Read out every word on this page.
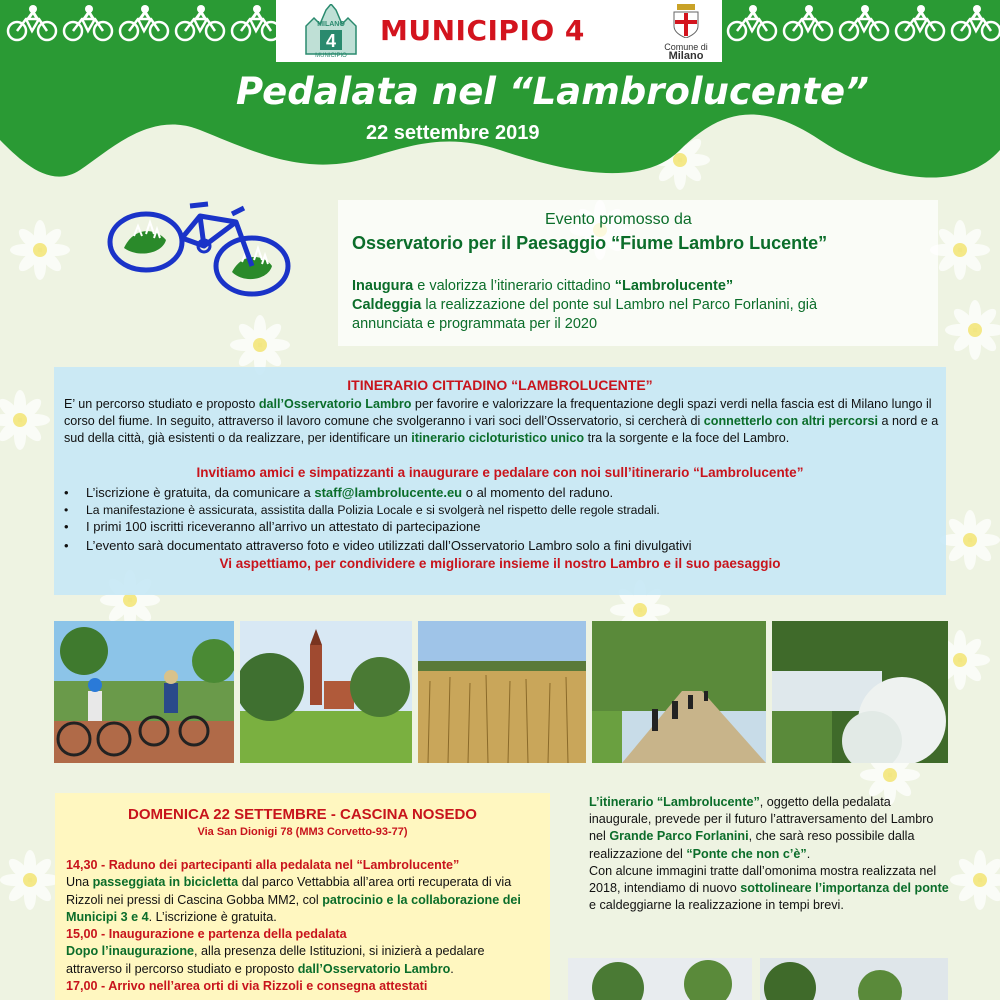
MILANO
4
MUNICIPIO
MUNICIPIO 4	Comune di
Milano
Pedalata nel “Lambrolucente”
22 settembre 2019
Evento promosso da
Osservatorio per il Paesaggio “Fiume Lambro Lucente”
Inaugura e valorizza l’itinerario cittadino “Lambrolucente”
Caldeggia la realizzazione del ponte sul Lambro nel Parco Forlanini, già
annunciata e programmata per il 2020
ITINERARIO CITTADINO “LAMBROLUCENTE”
E’ un percorso studiato e proposto dall’Osservatorio Lambro per favorire e valorizzare la frequentazione degli spazi verdi nella fascia est di Milano lungo il corso del fiume. In seguito, attraverso il lavoro comune che svolgeranno i vari soci dell’Osservatorio, si cercherà di connetterlo con altri percorsi a nord e a sud della città, già esistenti o da realizzare, per identificare un itinerario cicloturistico unico tra la sorgente e la foce del Lambro.
Invitiamo amici e simpatizzanti a inaugurare e pedalare con noi sull’itinerario “Lambrolucente”
• L’iscrizione è gratuita, da comunicare a staff@lambrolucente.eu o al momento del raduno.
• La manifestazione è assicurata, assistita dalla Polizia Locale e si svolgerà nel rispetto delle regole stradali.
• I primi 100 iscritti riceveranno all’arrivo un attestato di partecipazione
• L’evento sarà documentato attraverso foto e video utilizzati dall’Osservatorio Lambro solo a fini divulgativi
Vi aspettiamo, per condividere e migliorare insieme il nostro Lambro e il suo paesaggio
DOMENICA 22 SETTEMBRE - CASCINA NOSEDO
Via San Dionigi 78 (MM3 Corvetto-93-77)
14,30 - Raduno dei partecipanti alla pedalata nel “Lambrolucente”
Una passeggiata in bicicletta dal parco Vettabbia all’area orti recuperata di via Rizzoli nei pressi di Cascina Gobba MM2, col patrocinio e la collaborazione dei Municipi 3 e 4. L’iscrizione è gratuita.
15,00 - Inaugurazione e partenza della pedalata
Dopo l’inaugurazione, alla presenza delle Istituzioni, si inizierà a pedalare attraverso il percorso studiato e proposto dall’Osservatorio Lambro.
17,00 - Arrivo nell’area orti di via Rizzoli e consegna attestati
L’itinerario “Lambrolucente”, oggetto della pedalata inaugurale, prevede per il futuro l’attraversamento del Lambro nel Grande Parco Forlanini, che sarà reso possibile dalla realizzazione del “Ponte che non c’è”.
Con alcune immagini tratte dall’omonima mostra realizzata nel 2018, intendiamo di nuovo sottolineare l’importanza del ponte e caldeggiarne la realizzazione in tempi brevi.
